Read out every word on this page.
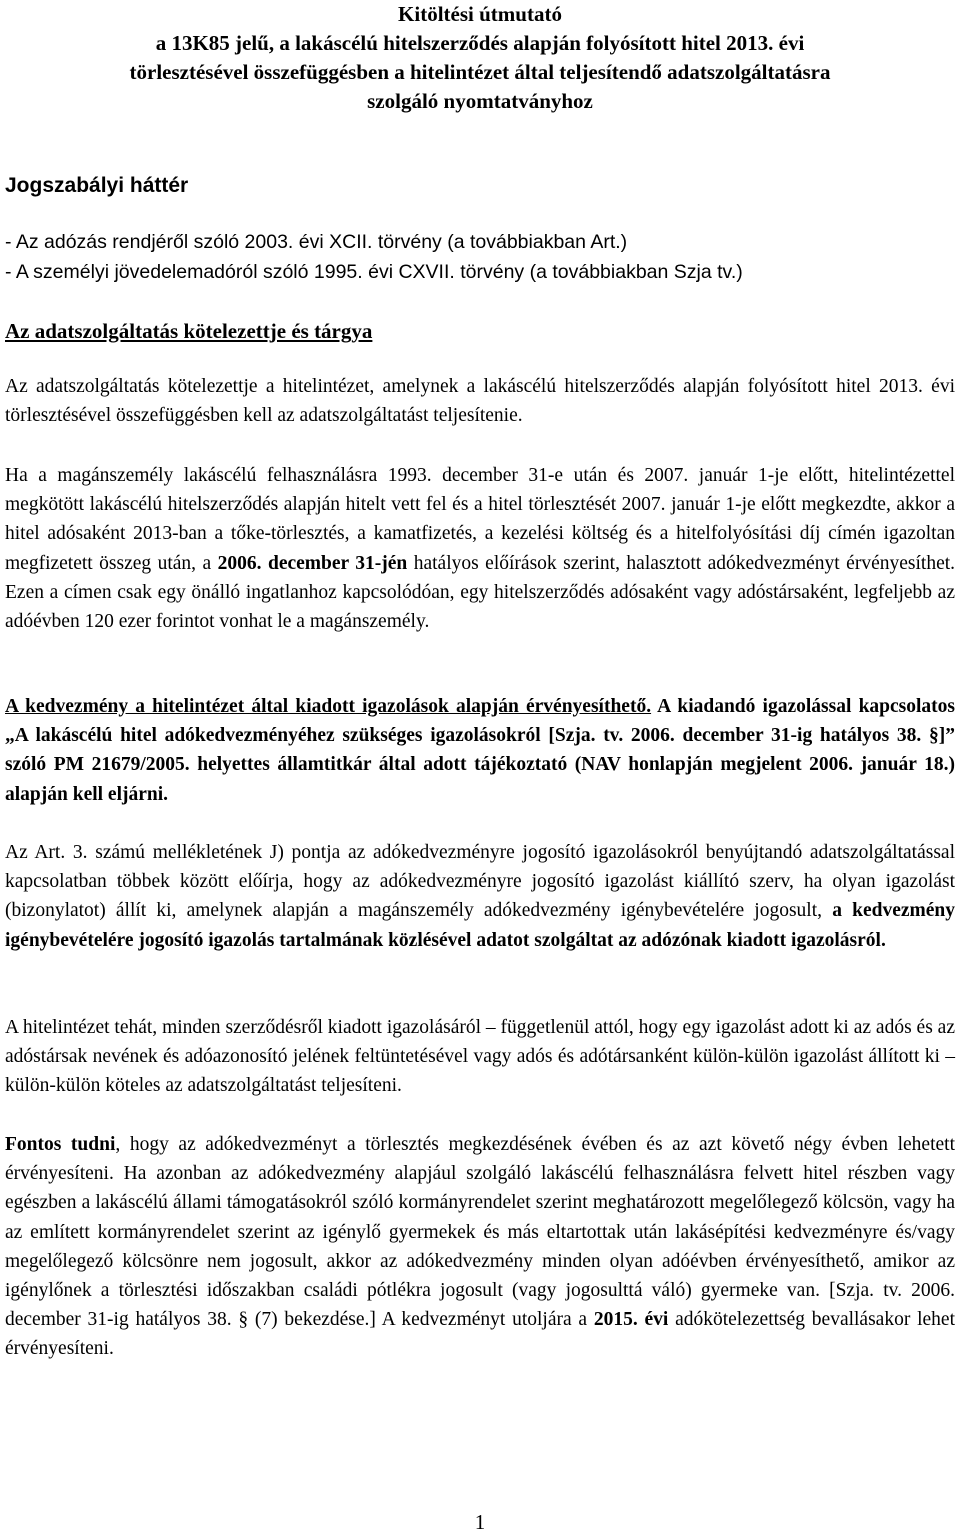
Kitöltési útmutató
a 13K85 jelű, a lakáscélú hitelszerződés alapján folyósított hitel 2013. évi
törlesztésével összefüggésben a hitelintézet által teljesítendő adatszolgáltatásra
szolgáló nyomtatványhoz
Jogszabályi háttér
- Az adózás rendjéről szóló 2003. évi XCII. törvény (a továbbiakban Art.)
- A személyi jövedelemadóról szóló 1995. évi CXVII. törvény (a továbbiakban Szja tv.)
Az adatszolgáltatás kötelezettje és tárgya
Az adatszolgáltatás kötelezettje a hitelintézet, amelynek a lakáscélú hitelszerződés alapján folyósított hitel 2013. évi törlesztésével összefüggésben kell az adatszolgáltatást teljesítenie.
Ha a magánszemély lakáscélú felhasználásra 1993. december 31-e után és 2007. január 1-je előtt, hitelintézettel megkötött lakáscélú hitelszerződés alapján hitelt vett fel és a hitel törlesztését 2007. január 1-je előtt megkezdte, akkor a hitel adósaként 2013-ban a tőke-törlesztés, a kamatfizetés, a kezelési költség és a hitelfolyósítási díj címén igazoltan megfizetett összeg után, a 2006. december 31-jén hatályos előírások szerint, halasztott adókedvezményt érvényesíthet. Ezen a címen csak egy önálló ingatlanhoz kapcsolódóan, egy hitelszerződés adósaként vagy adóstársaként, legfeljebb az adóévben 120 ezer forintot vonhat le a magánszemély.
A kedvezmény a hitelintézet által kiadott igazolások alapján érvényesíthető. A kiadandó igazolással kapcsolatos „A lakáscélú hitel adókedvezményéhez szükséges igazolásokról [Szja. tv. 2006. december 31-ig hatályos 38. §]” szóló PM 21679/2005. helyettes államtitkár által adott tájékoztató (NAV honlapján megjelent 2006. január 18.) alapján kell eljárni.
Az Art. 3. számú mellékletének J) pontja az adókedvezményre jogosító igazolásokról benyújtandó adatszolgáltatással kapcsolatban többek között előírja, hogy az adókedvezményre jogosító igazolást kiállító szerv, ha olyan igazolást (bizonylatot) állít ki, amelynek alapján a magánszemély adókedvezmény igénybevételére jogosult, a kedvezmény igénybevételére jogosító igazolás tartalmának közlésével adatot szolgáltat az adózónak kiadott igazolásról.
A hitelintézet tehát, minden szerződésről kiadott igazolásáról – függetlenül attól, hogy egy igazolást adott ki az adós és az adóstársak nevének és adóazonosító jelének feltüntetésével vagy adós és adótársanként külön-külön igazolást állított ki – külön-külön köteles az adatszolgáltatást teljesíteni.
Fontos tudni, hogy az adókedvezményt a törlesztés megkezdésének évében és az azt követő négy évben lehetett érvényesíteni. Ha azonban az adókedvezmény alapjául szolgáló lakáscélú felhasználásra felvett hitel részben vagy egészben a lakáscélú állami támogatásokról szóló kormányrendelet szerint meghatározott megelőlegező kölcsön, vagy ha az említett kormányrendelet szerint az igénylő gyermekek és más eltartottak után lakásépítési kedvezményre és/vagy megelőlegező kölcsönre nem jogosult, akkor az adókedvezmény minden olyan adóévben érvényesíthető, amikor az igénylőnek a törlesztési időszakban családi pótlékra jogosult (vagy jogosulttá váló) gyermeke van. [Szja. tv. 2006. december 31-ig hatályos 38. § (7) bekezdése.] A kedvezményt utoljára a 2015. évi adókötelezettség bevallásakor lehet érvényesíteni.
1
